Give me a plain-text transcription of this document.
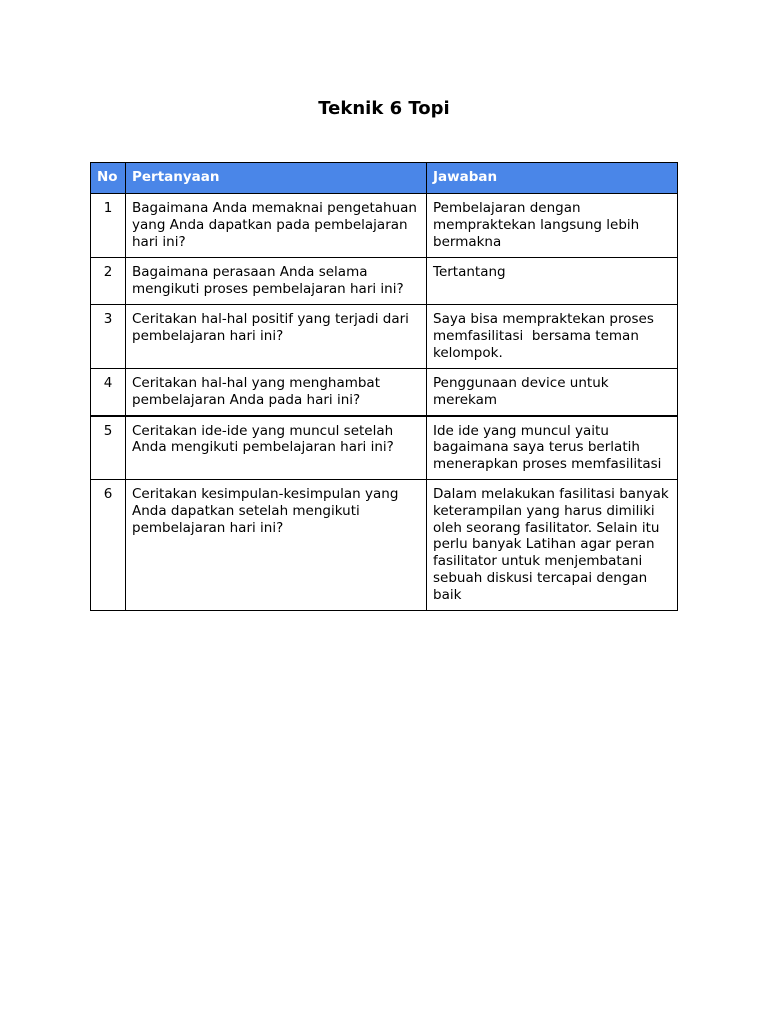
Teknik 6 Topi
No	Pertanyaan	Jawaban
1	Bagaimana Anda memaknai pengetahuan yang Anda dapatkan pada pembelajaran hari ini?	Pembelajaran dengan mempraktekan langsung lebih bermakna
2	Bagaimana perasaan Anda selama mengikuti proses pembelajaran hari ini?	Tertantang
3	Ceritakan hal-hal positif yang terjadi dari pembelajaran hari ini?	Saya bisa mempraktekan proses memfasilitasi  bersama teman kelompok.
4	Ceritakan hal-hal yang menghambat pembelajaran Anda pada hari ini?	Penggunaan device untuk merekam
5	Ceritakan ide-ide yang muncul setelah Anda mengikuti pembelajaran hari ini?	Ide ide yang muncul yaitu bagaimana saya terus berlatih menerapkan proses memfasilitasi
6	Ceritakan kesimpulan-kesimpulan yang Anda dapatkan setelah mengikuti pembelajaran hari ini?	Dalam melakukan fasilitasi banyak keterampilan yang harus dimiliki oleh seorang fasilitator. Selain itu perlu banyak Latihan agar peran fasilitator untuk menjembatani sebuah diskusi tercapai dengan baik
